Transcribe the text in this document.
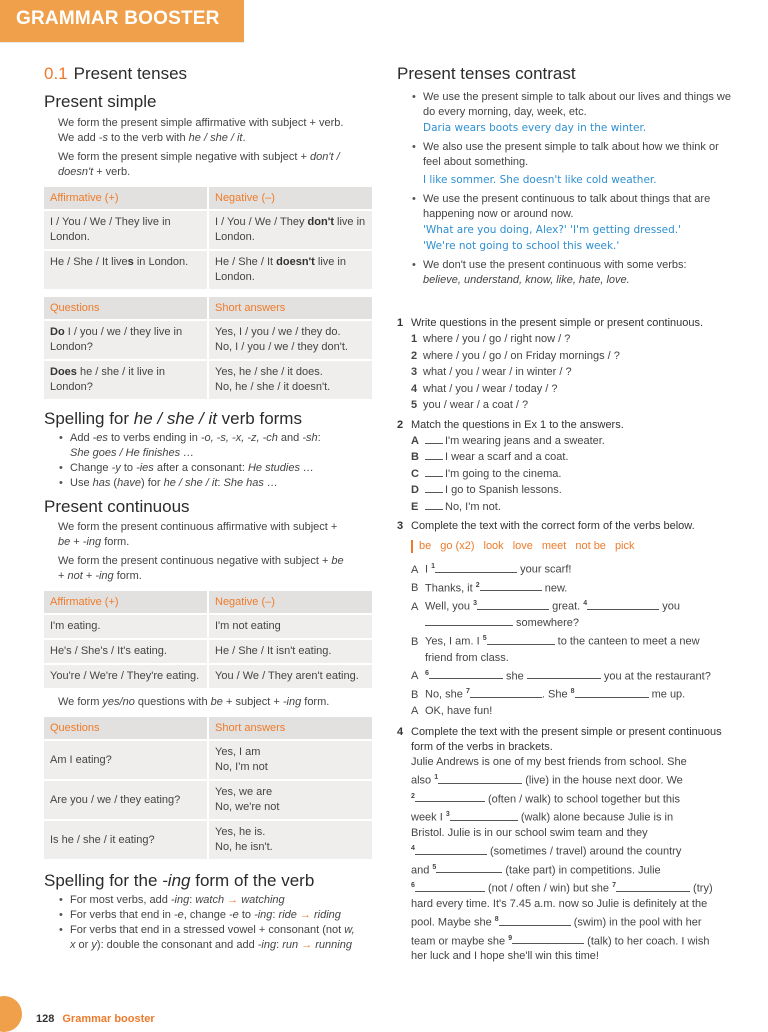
GRAMMAR BOOSTER
0.1 Present tenses
Present simple

We form the present simple affirmative with subject + verb.
We add -s to the verb with he / she / it.

We form the present simple negative with subject + don't /
doesn't + verb.

Affirmative (+)	Negative (–)
I / You / We / They live in London.	I / You / We / They don't live in London.
He / She / It lives in London.	He / She / It doesn't live in London.
Questions	Short answers
Do I / you / we / they live in London?	Yes, I / you / we / they do.
No, I / you / we / they don't.
Does he / she / it live in London?	Yes, he / she / it does.
No, he / she / it doesn't.
Spelling for he / she / it verb forms
• Add -es to verbs ending in -o, -s, -x, -z, -ch and -sh:
She goes / He finishes …
• Change -y to -ies after a consonant: He studies …
• Use has (have) for he / she / it: She has …
Present continuous

We form the present continuous affirmative with subject +
be + -ing form.

We form the present continuous negative with subject + be
+ not + -ing form.

Affirmative (+)	Negative (–)
I'm eating.	I'm not eating
He's / She's / It's eating.	He / She / It isn't eating.
You're / We're / They're eating.	You / We / They aren't eating.

We form yes/no questions with be + subject + -ing form.

Questions	Short answers
Am I eating?	Yes, I am
No, I'm not
Are you / we / they eating?	Yes, we are
No, we're not
Is he / she / it eating?	Yes, he is.
No, he isn't.
Spelling for the -ing form of the verb
• For most verbs, add -ing: watch → watching
• For verbs that end in -e, change -e to -ing: ride → riding
• For verbs that end in a stressed vowel + consonant (not w,
x or y): double the consonant and add -ing: run → running
Present tenses contrast
• We use the present simple to talk about our lives and things we do every morning, day, week, etc.
Daria wears boots every day in the winter.
• We also use the present simple to talk about how we think or feel about something.
I like sommer. She doesn't like cold weather.
• We use the present continuous to talk about things that are happening now or around now.
'What are you doing, Alex?' 'I'm getting dressed.'
'We're not going to school this week.'
• We don't use the present continuous with some verbs:
believe, understand, know, like, hate, love.
1 Write questions in the present simple or present continuous.
1 where / you / go / right now / ?
2 where / you / go / on Friday mornings / ?
3 what / you / wear / in winter / ?
4 what / you / wear / today / ?
5 you / wear / a coat / ?
2 Match the questions in Ex 1 to the answers.
A I'm wearing jeans and a sweater.
B I wear a scarf and a coat.
C I'm going to the cinema.
D I go to Spanish lessons.
E No, I'm not.
3 Complete the text with the correct form of the verbs below.
be go (x2) look love meet not be pick
A I $^1$	your scarf!
B Thanks, it $^2$	new.
A Well, you $^3$	great. $^4$	you
somewhere?
B Yes, I am. I $^5$	to the canteen to meet a new
friend from class.
A $^6$	she	you at the restaurant?
B No, she $^7$	. She $^8$	me up.
A OK, have fun!
4 Complete the text with the present simple or present continuous form of the verbs in brackets.
Julie Andrews is one of my best friends from school. She
also $^1$	(live) in the house next door. We
$^2$	(often / walk) to school together but this
week I $^3$	(walk) alone because Julie is in
Bristol. Julie is in our school swim team and they
$^4$	(sometimes / travel) around the country
and $^5$	(take part) in competitions. Julie
$^6$	(not / often / win) but she $^7$	(try)
hard every time. It's 7.45 a.m. now so Julie is definitely at the
pool. Maybe she $^8$	(swim) in the pool with her
team or maybe she $^9$	(talk) to her coach. I wish
her luck and I hope she'll win this time!
128 Grammar booster
